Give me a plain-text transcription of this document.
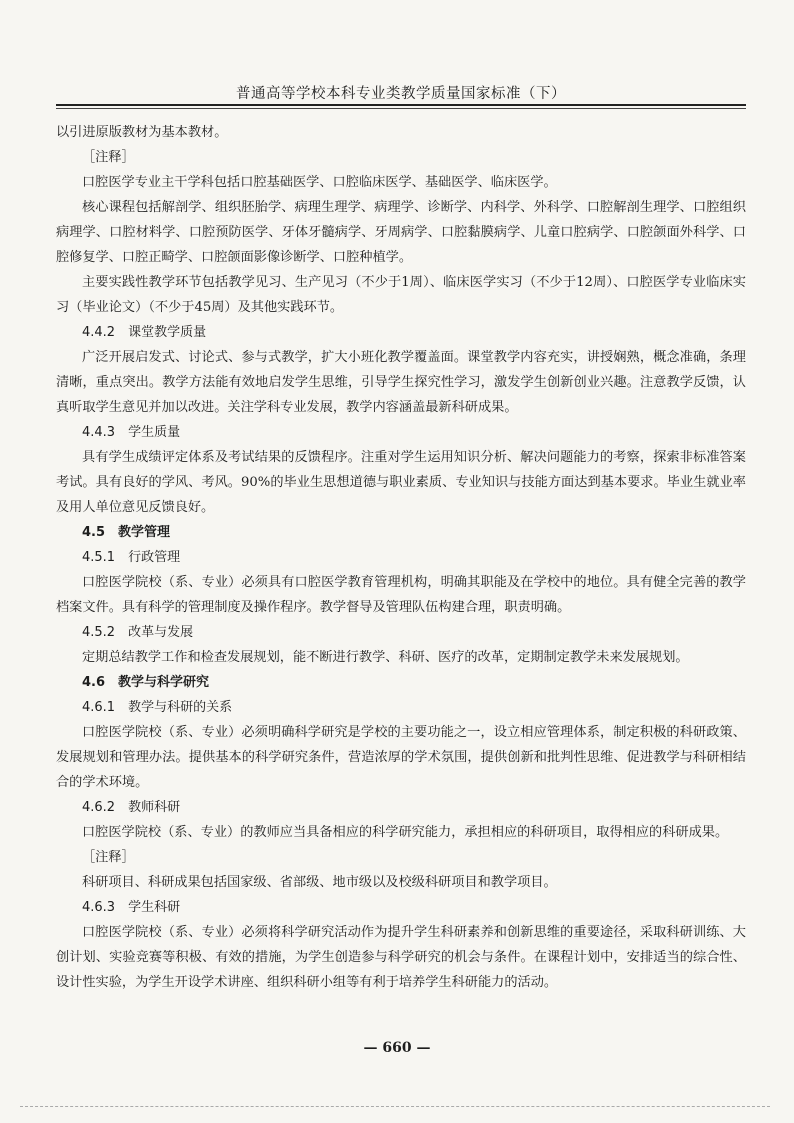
普通高等学校本科专业类教学质量国家标准（下）

以引进原版教材为基本教材。

［注释］

口腔医学专业主干学科包括口腔基础医学、口腔临床医学、基础医学、临床医学。

核心课程包括解剖学、组织胚胎学、病理生理学、病理学、诊断学、内科学、外科学、口腔解剖生理学、口腔组织病理学、口腔材料学、口腔预防医学、牙体牙髓病学、牙周病学、口腔黏膜病学、儿童口腔病学、口腔颌面外科学、口腔修复学、口腔正畸学、口腔颌面影像诊断学、口腔种植学。

主要实践性教学环节包括教学见习、生产见习（不少于1周）、临床医学实习（不少于12周）、口腔医学专业临床实习（毕业论文）（不少于45周）及其他实践环节。

4.4.2　课堂教学质量

广泛开展启发式、讨论式、参与式教学，扩大小班化教学覆盖面。课堂教学内容充实，讲授娴熟，概念准确，条理清晰，重点突出。教学方法能有效地启发学生思维，引导学生探究性学习，激发学生创新创业兴趣。注意教学反馈，认真听取学生意见并加以改进。关注学科专业发展，教学内容涵盖最新科研成果。

4.4.3　学生质量

具有学生成绩评定体系及考试结果的反馈程序。注重对学生运用知识分析、解决问题能力的考察，探索非标准答案考试。具有良好的学风、考风。90%的毕业生思想道德与职业素质、专业知识与技能方面达到基本要求。毕业生就业率及用人单位意见反馈良好。

4.5　教学管理

4.5.1　行政管理

口腔医学院校（系、专业）必须具有口腔医学教育管理机构，明确其职能及在学校中的地位。具有健全完善的教学档案文件。具有科学的管理制度及操作程序。教学督导及管理队伍构建合理，职责明确。

4.5.2　改革与发展

定期总结教学工作和检查发展规划，能不断进行教学、科研、医疗的改革，定期制定教学未来发展规划。

4.6　教学与科学研究

4.6.1　教学与科研的关系

口腔医学院校（系、专业）必须明确科学研究是学校的主要功能之一，设立相应管理体系，制定积极的科研政策、发展规划和管理办法。提供基本的科学研究条件，营造浓厚的学术氛围，提供创新和批判性思维、促进教学与科研相结合的学术环境。

4.6.2　教师科研

口腔医学院校（系、专业）的教师应当具备相应的科学研究能力，承担相应的科研项目，取得相应的科研成果。

［注释］

科研项目、科研成果包括国家级、省部级、地市级以及校级科研项目和教学项目。

4.6.3　学生科研

口腔医学院校（系、专业）必须将科学研究活动作为提升学生科研素养和创新思维的重要途径，采取科研训练、大创计划、实验竞赛等积极、有效的措施，为学生创造参与科学研究的机会与条件。在课程计划中，安排适当的综合性、设计性实验，为学生开设学术讲座、组织科研小组等有利于培养学生科研能力的活动。

— 660 —
